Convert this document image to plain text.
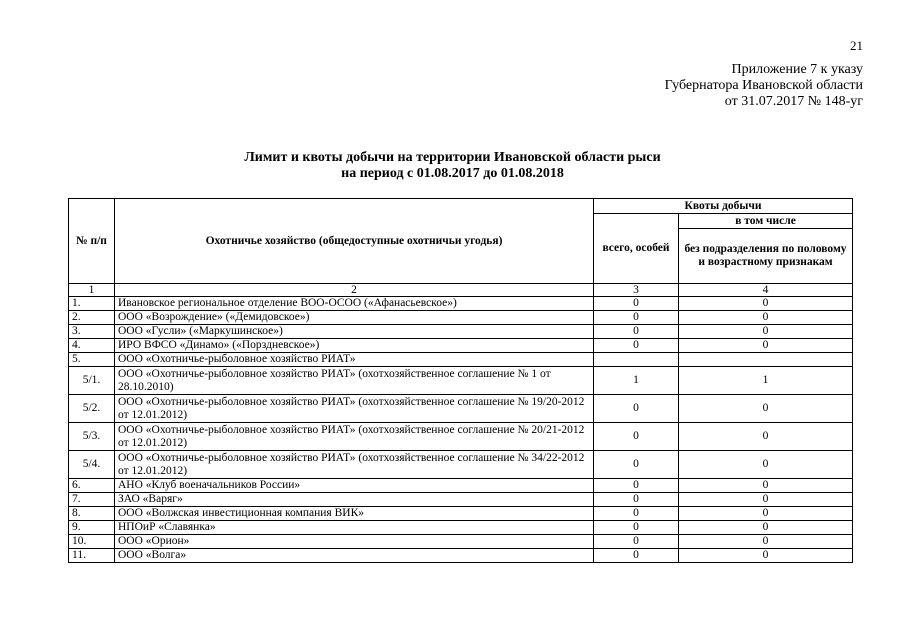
21
Приложение 7 к указу
Губернатора Ивановской области
от 31.07.2017 № 148-уг
Лимит и квоты добычи на территории Ивановской области рыси
на период с 01.08.2017 до 01.08.2018
№ п/п	Охотничье хозяйство (общедоступные охотничьи угодья)	Квоты добычи	
		всего, особей	в том числе
			без подразделения по половому и возрастному признакам
1	2	3	4
1.	Ивановское региональное отделение ВОО-ОСОО («Афанасьевское»)	0	0
2.	ООО «Возрождение» («Демидовское»)	0	0
3.	ООО «Гусли» («Маркушинское»)	0	0
4.	ИРО ВФСО «Динамо» («Порздневское»)	0	0
5.	ООО «Охотничье-рыболовное хозяйство РИАТ»		
5/1.	ООО «Охотничье-рыболовное хозяйство РИАТ» (охотхозяйственное соглашение № 1 от 28.10.2010)	1	1
5/2.	ООО «Охотничье-рыболовное хозяйство РИАТ» (охотхозяйственное соглашение № 19/20-2012 от 12.01.2012)	0	0
5/3.	ООО «Охотничье-рыболовное хозяйство РИАТ» (охотхозяйственное соглашение № 20/21-2012 от 12.01.2012)	0	0
5/4.	ООО «Охотничье-рыболовное хозяйство РИАТ» (охотхозяйственное соглашение № 34/22-2012 от 12.01.2012)	0	0
6.	АНО «Клуб военачальников России»	0	0
7.	ЗАО «Варяг»	0	0
8.	ООО «Волжская инвестиционная компания ВИК»	0	0
9.	НПОиР «Славянка»	0	0
10.	ООО «Орион»	0	0
11.	ООО «Волга»	0	0
